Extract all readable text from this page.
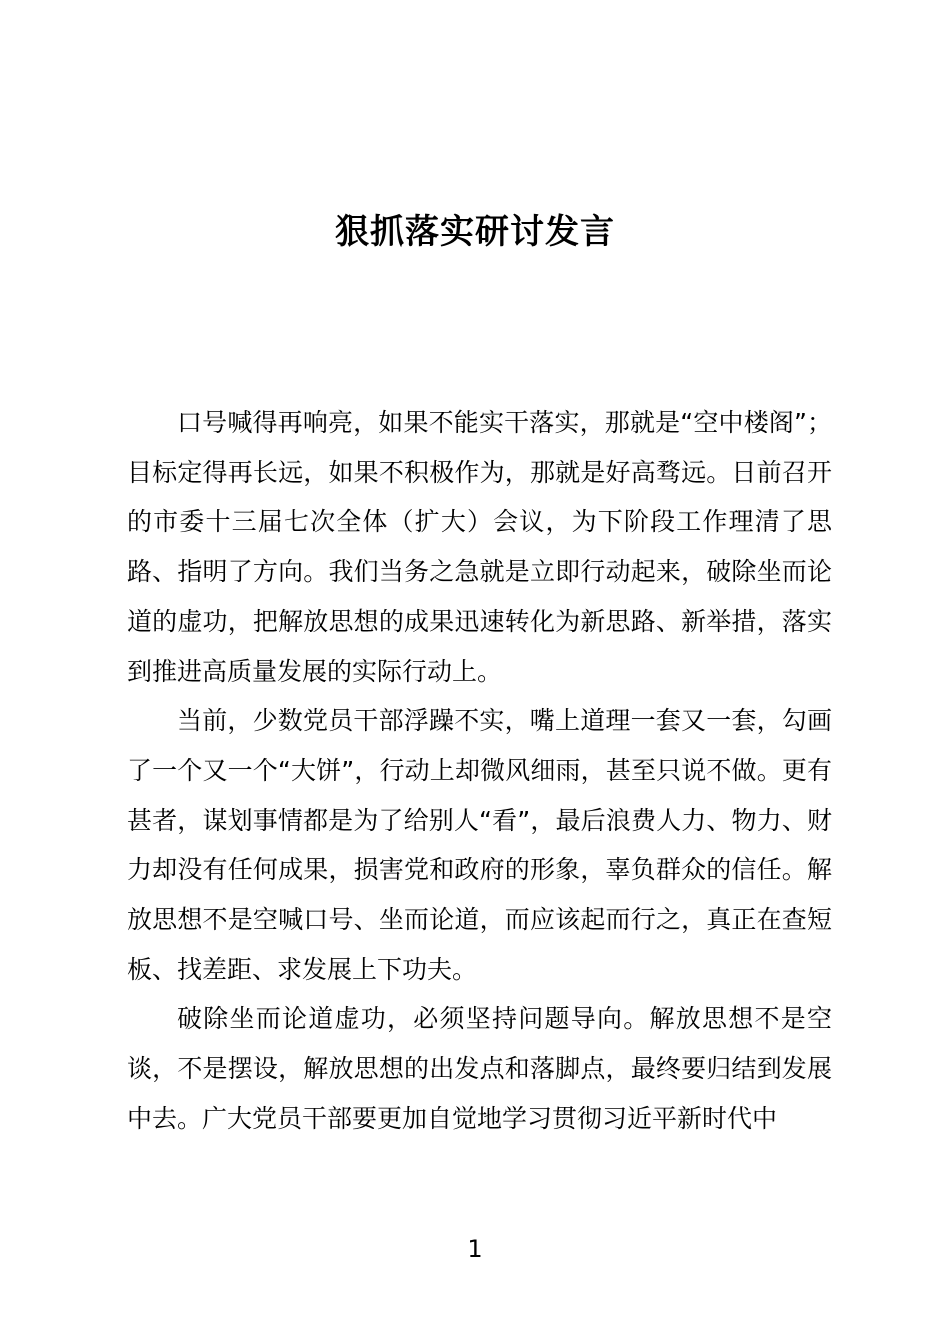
狠抓落实研讨发言

口号喊得再响亮，如果不能实干落实，那就是“空中楼阁”；目标定得再长远，如果不积极作为，那就是好高骛远。日前召开的市委十三届七次全体（扩大）会议，为下阶段工作理清了思路、指明了方向。我们当务之急就是立即行动起来，破除坐而论道的虚功，把解放思想的成果迅速转化为新思路、新举措，落实到推进高质量发展的实际行动上。

当前，少数党员干部浮躁不实，嘴上道理一套又一套，勾画了一个又一个“大饼”，行动上却微风细雨，甚至只说不做。更有甚者，谋划事情都是为了给别人“看”，最后浪费人力、物力、财力却没有任何成果，损害党和政府的形象，辜负群众的信任。解放思想不是空喊口号、坐而论道，而应该起而行之，真正在查短板、找差距、求发展上下功夫。

破除坐而论道虚功，必须坚持问题导向。解放思想不是空谈，不是摆设，解放思想的出发点和落脚点，最终要归结到发展中去。广大党员干部要更加自觉地学习贯彻习近平新时代中

1
